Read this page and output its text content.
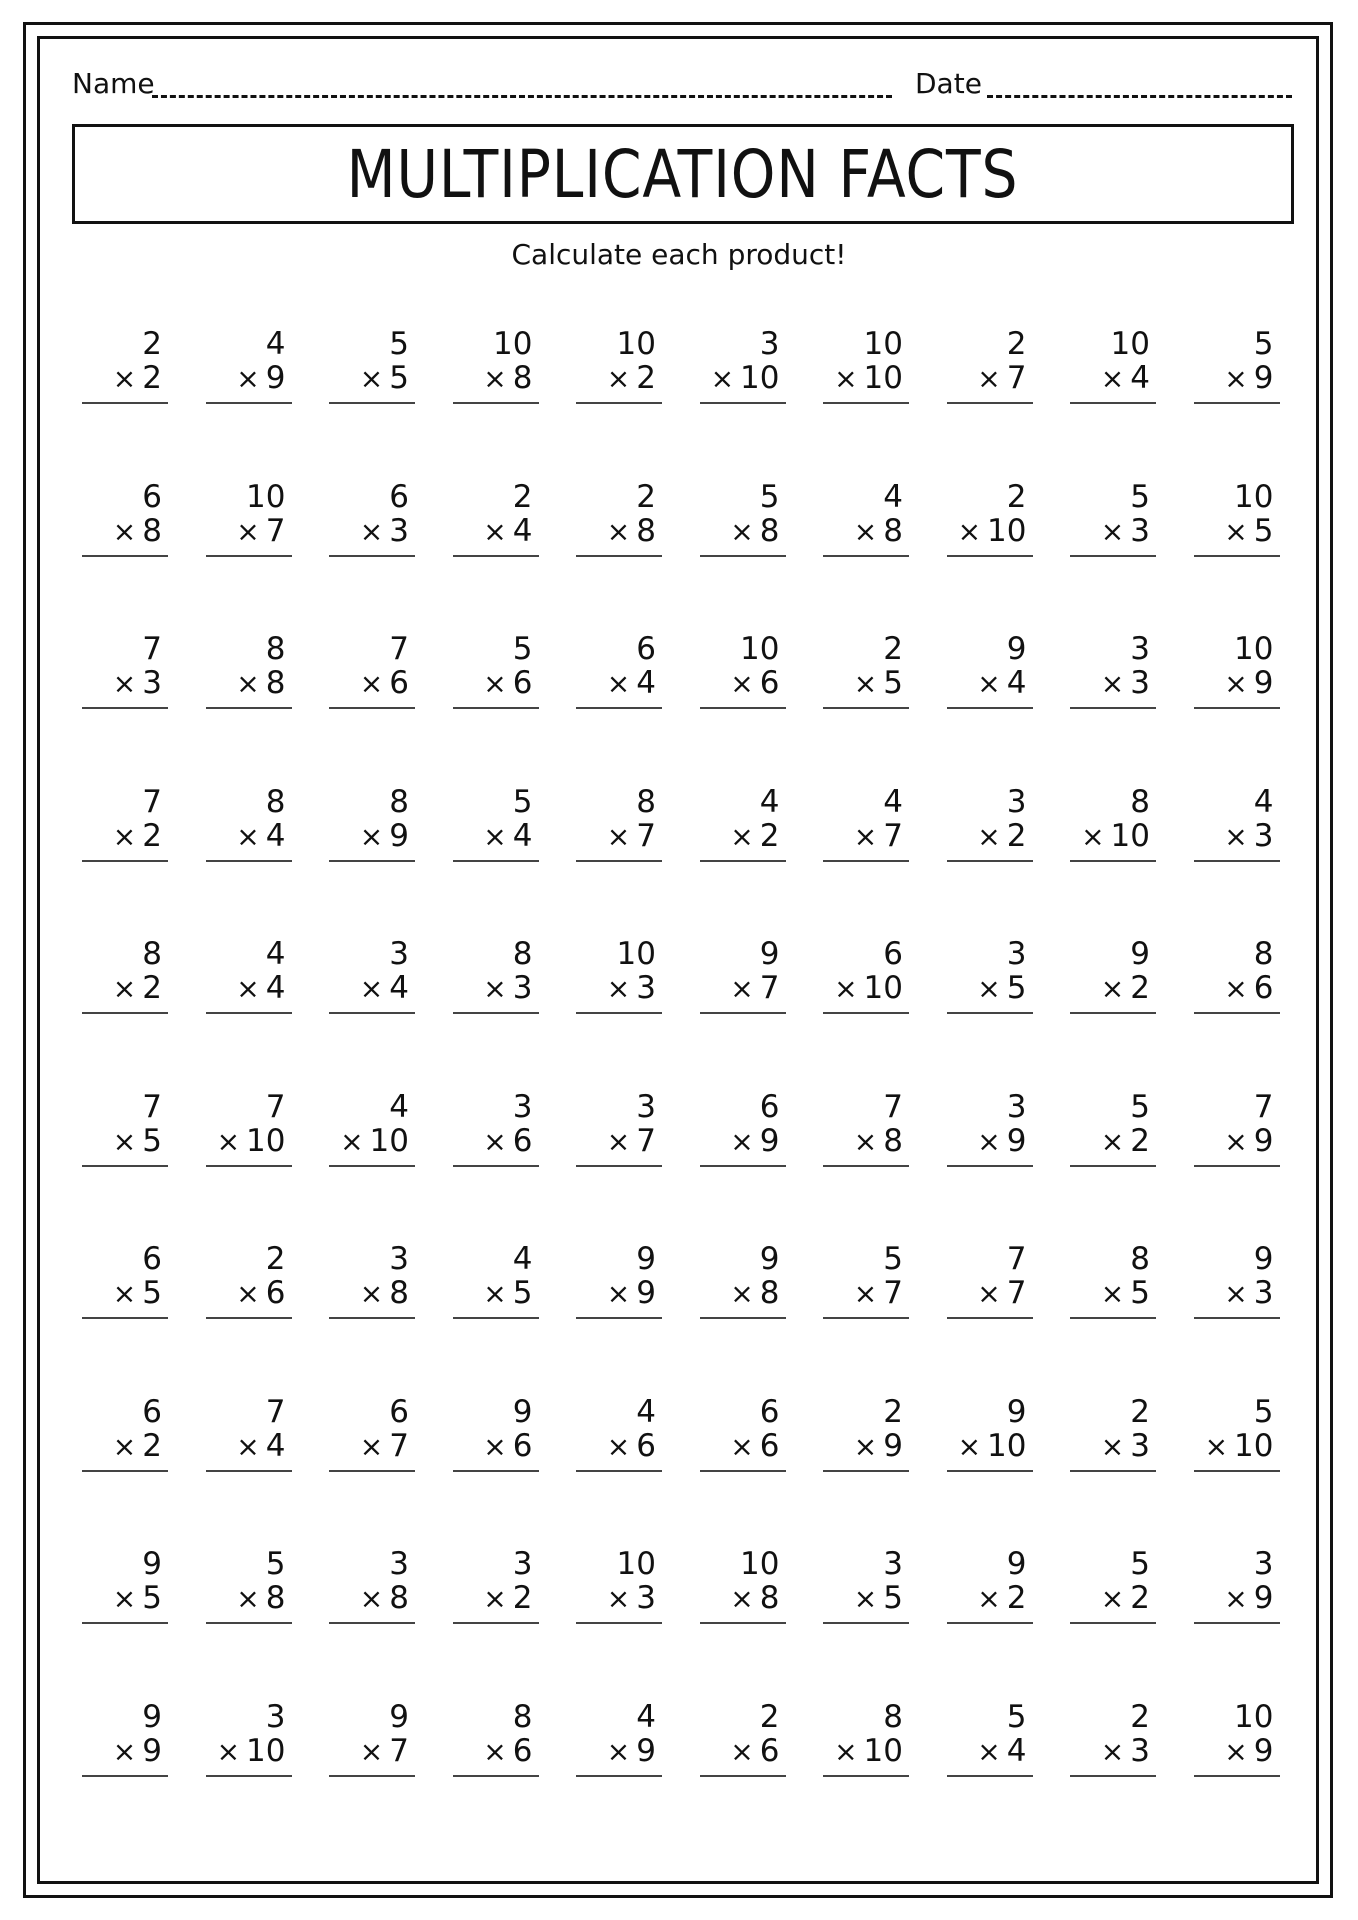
Name	Date
MULTIPLICATION FACTS
Calculate each product!
2
× 2
4
× 9
5
× 5
10
× 8
10
× 2
3
× 10
10
× 10
2
× 7
10
× 4
5
× 9
6
× 8
10
× 7
6
× 3
2
× 4
2
× 8
5
× 8
4
× 8
2
× 10
5
× 3
10
× 5
7
× 3
8
× 8
7
× 6
5
× 6
6
× 4
10
× 6
2
× 5
9
× 4
3
× 3
10
× 9
7
× 2
8
× 4
8
× 9
5
× 4
8
× 7
4
× 2
4
× 7
3
× 2
8
× 10
4
× 3
8
× 2
4
× 4
3
× 4
8
× 3
10
× 3
9
× 7
6
× 10
3
× 5
9
× 2
8
× 6
7
× 5
7
× 10
4
× 10
3
× 6
3
× 7
6
× 9
7
× 8
3
× 9
5
× 2
7
× 9
6
× 5
2
× 6
3
× 8
4
× 5
9
× 9
9
× 8
5
× 7
7
× 7
8
× 5
9
× 3
6
× 2
7
× 4
6
× 7
9
× 6
4
× 6
6
× 6
2
× 9
9
× 10
2
× 3
5
× 10
9
× 5
5
× 8
3
× 8
3
× 2
10
× 3
10
× 8
3
× 5
9
× 2
5
× 2
3
× 9
9
× 9
3
× 10
9
× 7
8
× 6
4
× 9
2
× 6
8
× 10
5
× 4
2
× 3
10
× 9
